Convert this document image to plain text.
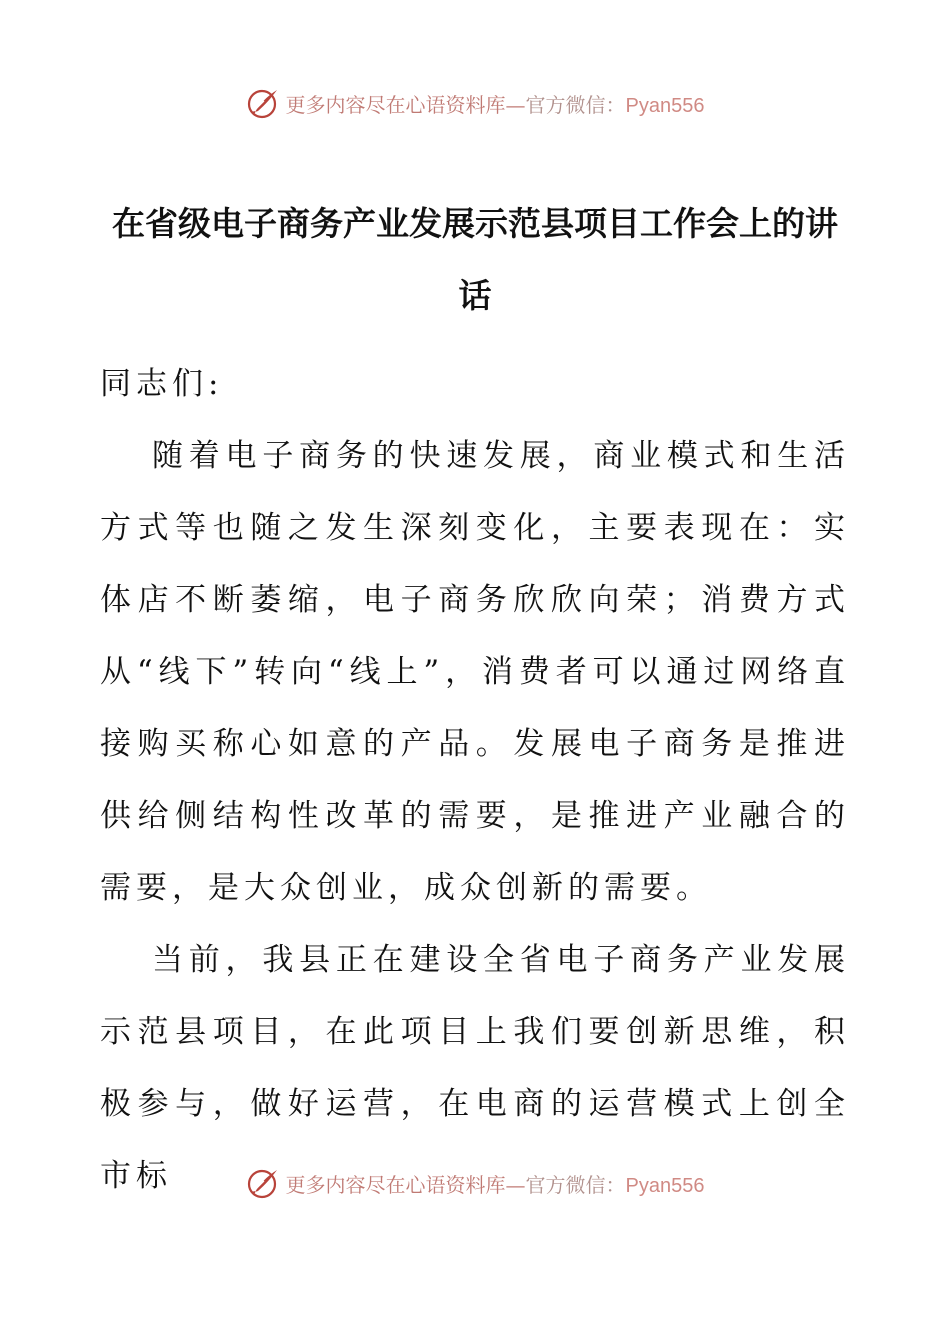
更多内容尽在心语资料库—官方微信：Pyan556
在省级电子商务产业发展示范县项目工作会上的讲话

同志们:

随着电子商务的快速发展，商业模式和生活方式等也随之发生深刻变化，主要表现在：实体店不断萎缩，电子商务欣欣向荣；消费方式从“线下”转向“线上”，消费者可以通过网络直接购买称心如意的产品。发展电子商务是推进供给侧结构性改革的需要，是推进产业融合的需要，是大众创业，成众创新的需要。

当前，我县正在建设全省电子商务产业发展示范县项目，在此项目上我们要创新思维，积极参与，做好运营，在电商的运营模式上创全市标	更多内容尽在心语资料库—官方微信：Pyan556
